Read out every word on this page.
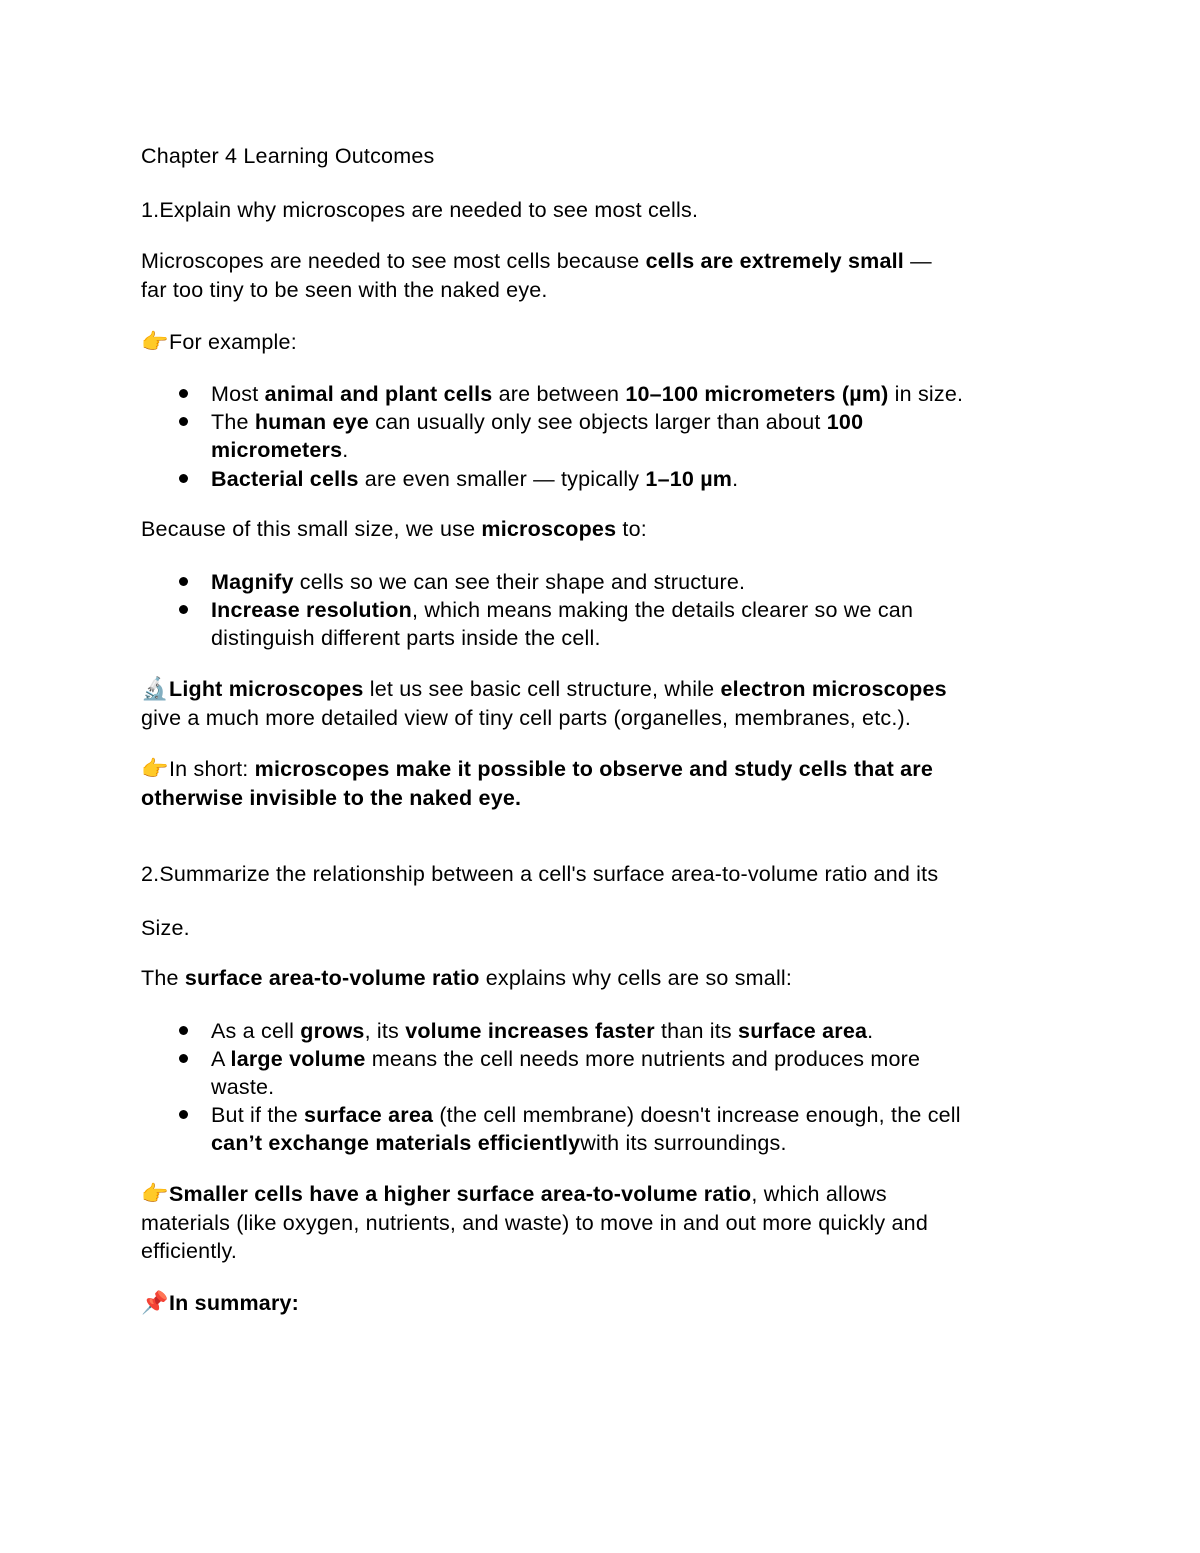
Chapter 4 Learning Outcomes
1.Explain why microscopes are needed to see most cells.
Microscopes are needed to see most cells because cells are extremely small —
far too tiny to be seen with the naked eye.
👉For example:
Most animal and plant cells are between 10–100 micrometers (µm) in size.
The human eye can usually only see objects larger than about 100
micrometers.
Bacterial cells are even smaller — typically 1–10 µm.
Because of this small size, we use microscopes to:
Magnify cells so we can see their shape and structure.
Increase resolution, which means making the details clearer so we can
distinguish different parts inside the cell.
🔬Light microscopes let us see basic cell structure, while electron microscopes
give a much more detailed view of tiny cell parts (organelles, membranes, etc.).
👉In short: microscopes make it possible to observe and study cells that are
otherwise invisible to the naked eye.
2.Summarize the relationship between a cell's surface area-to-volume ratio and its
Size.
The surface area-to-volume ratio explains why cells are so small:
As a cell grows, its volume increases faster than its surface area.
A large volume means the cell needs more nutrients and produces more
waste.
But if the surface area (the cell membrane) doesn't increase enough, the cell
can’t exchange materials efficientlywith its surroundings.
👉Smaller cells have a higher surface area-to-volume ratio, which allows
materials (like oxygen, nutrients, and waste) to move in and out more quickly and
efficiently.
📌In summary:
